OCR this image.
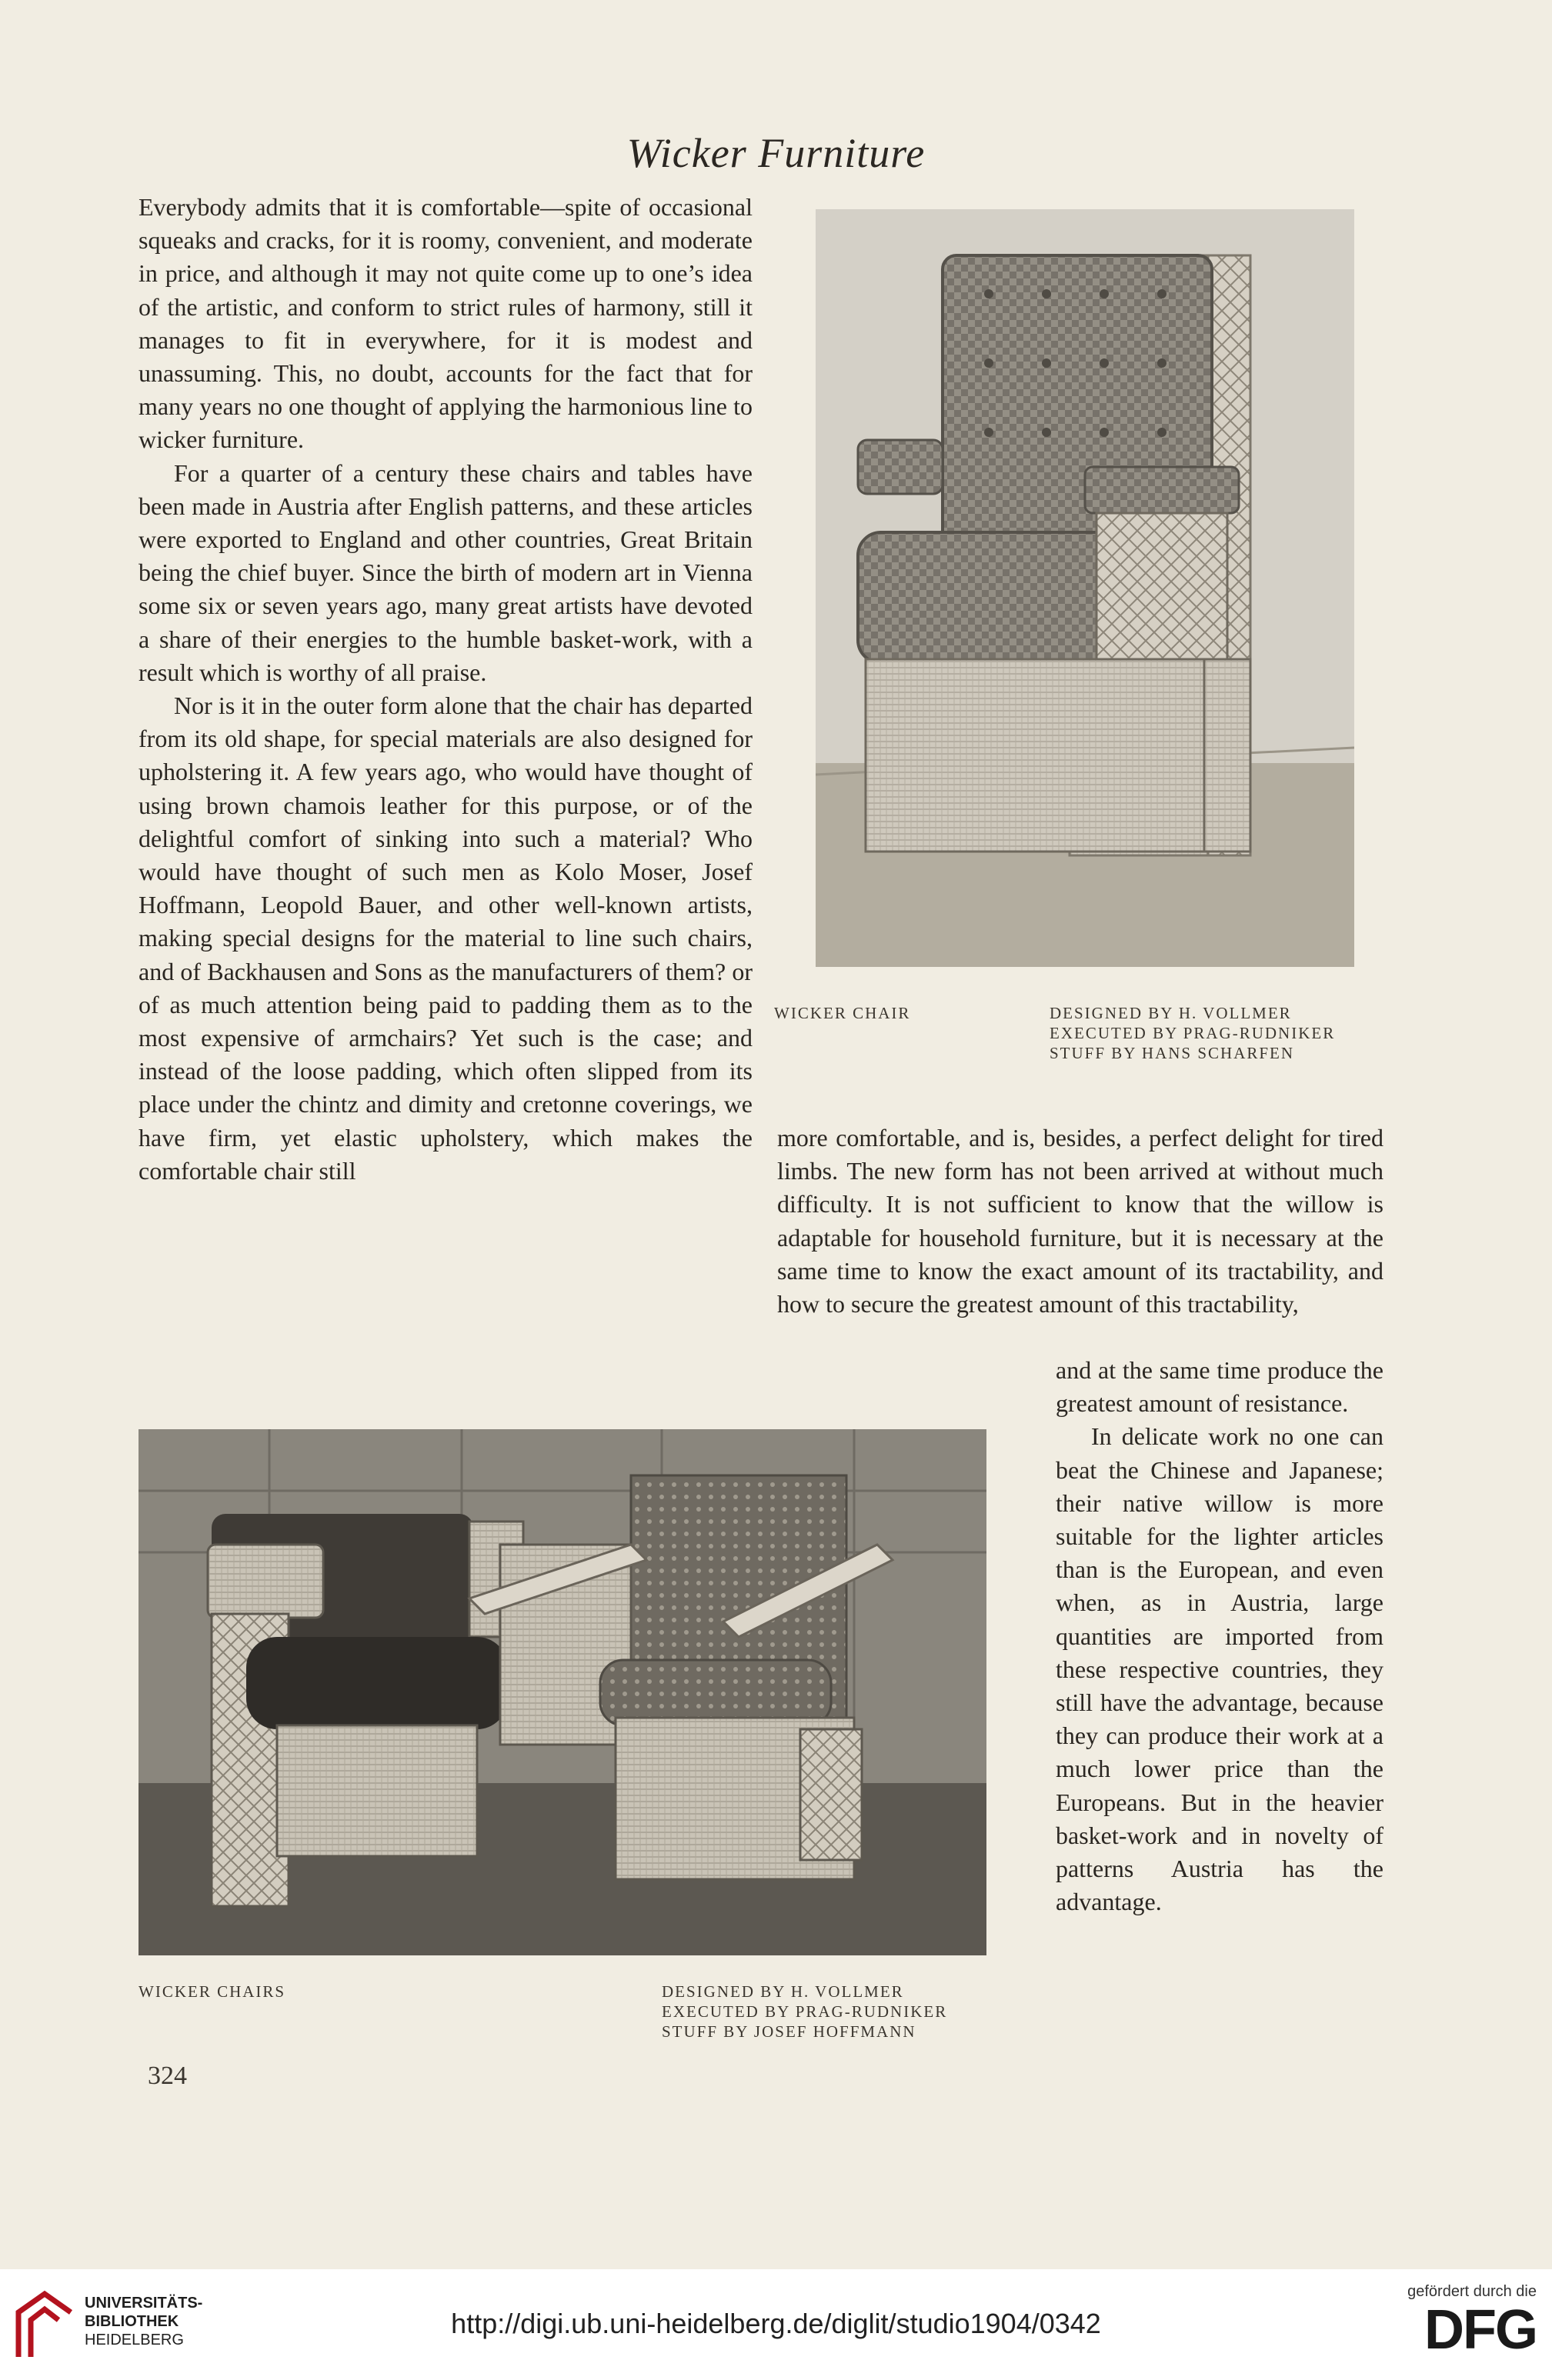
Wicker Furniture

Everybody admits that it is comfortable—spite of occasional squeaks and cracks, for it is roomy, convenient, and moderate in price, and although it may not quite come up to one’s idea of the artistic, and conform to strict rules of harmony, still it manages to fit in everywhere, for it is modest and unassuming. This, no doubt, accounts for the fact that for many years no one thought of applying the harmonious line to wicker furniture.

For a quarter of a century these chairs and tables have been made in Austria after English patterns, and these articles were exported to England and other countries, Great Britain being the chief buyer. Since the birth of modern art in Vienna some six or seven years ago, many great artists have devoted a share of their energies to the humble basket-work, with a result which is worthy of all praise.

Nor is it in the outer form alone that the chair has departed from its old shape, for special materials are also designed for upholstering it. A few years ago, who would have thought of using brown chamois leather for this purpose, or of the delightful comfort of sinking into such a material? Who would have thought of such men as Kolo Moser, Josef Hoffmann, Leopold Bauer, and other well-known artists, making special designs for the material to line such chairs, and of Backhausen and Sons as the manufacturers of them? or of as much attention being paid to padding them as to the most expensive of armchairs? Yet such is the case; and instead of the loose padding, which often slipped from its place under the chintz and dimity and cretonne coverings, we have firm, yet elastic upholstery, which makes the comfortable chair still

WICKER CHAIR	DESIGNED BY H. VOLLMER
EXECUTED BY PRAG-RUDNIKER
STUFF BY HANS SCHARFEN
more comfortable, and is, besides, a perfect delight for tired limbs. The new form has not been arrived at without much difficulty. It is not sufficient to know that the willow is adaptable for household furniture, but it is necessary at the same time to know the exact amount of its tractability, and how to secure the greatest amount of this tractability,

and at the same time produce the greatest amount of resistance.

In delicate work no one can beat the Chinese and Japanese; their native willow is more suitable for the lighter articles than is the European, and even when, as in Austria, large quantities are imported from these respective countries, they still have the advantage, because they can produce their work at a much lower price than the Europeans. But in the heavier basket-work and in novelty of patterns Austria has the advantage.

WICKER CHAIRS	DESIGNED BY H. VOLLMER
EXECUTED BY PRAG-RUDNIKER
STUFF BY JOSEF HOFFMANN
324
UNIVERSITÄTS-
BIBLIOTHEK
HEIDELBERG
http://digi.ub.uni-heidelberg.de/diglit/studio1904/0342
gefördert durch die
DFG
